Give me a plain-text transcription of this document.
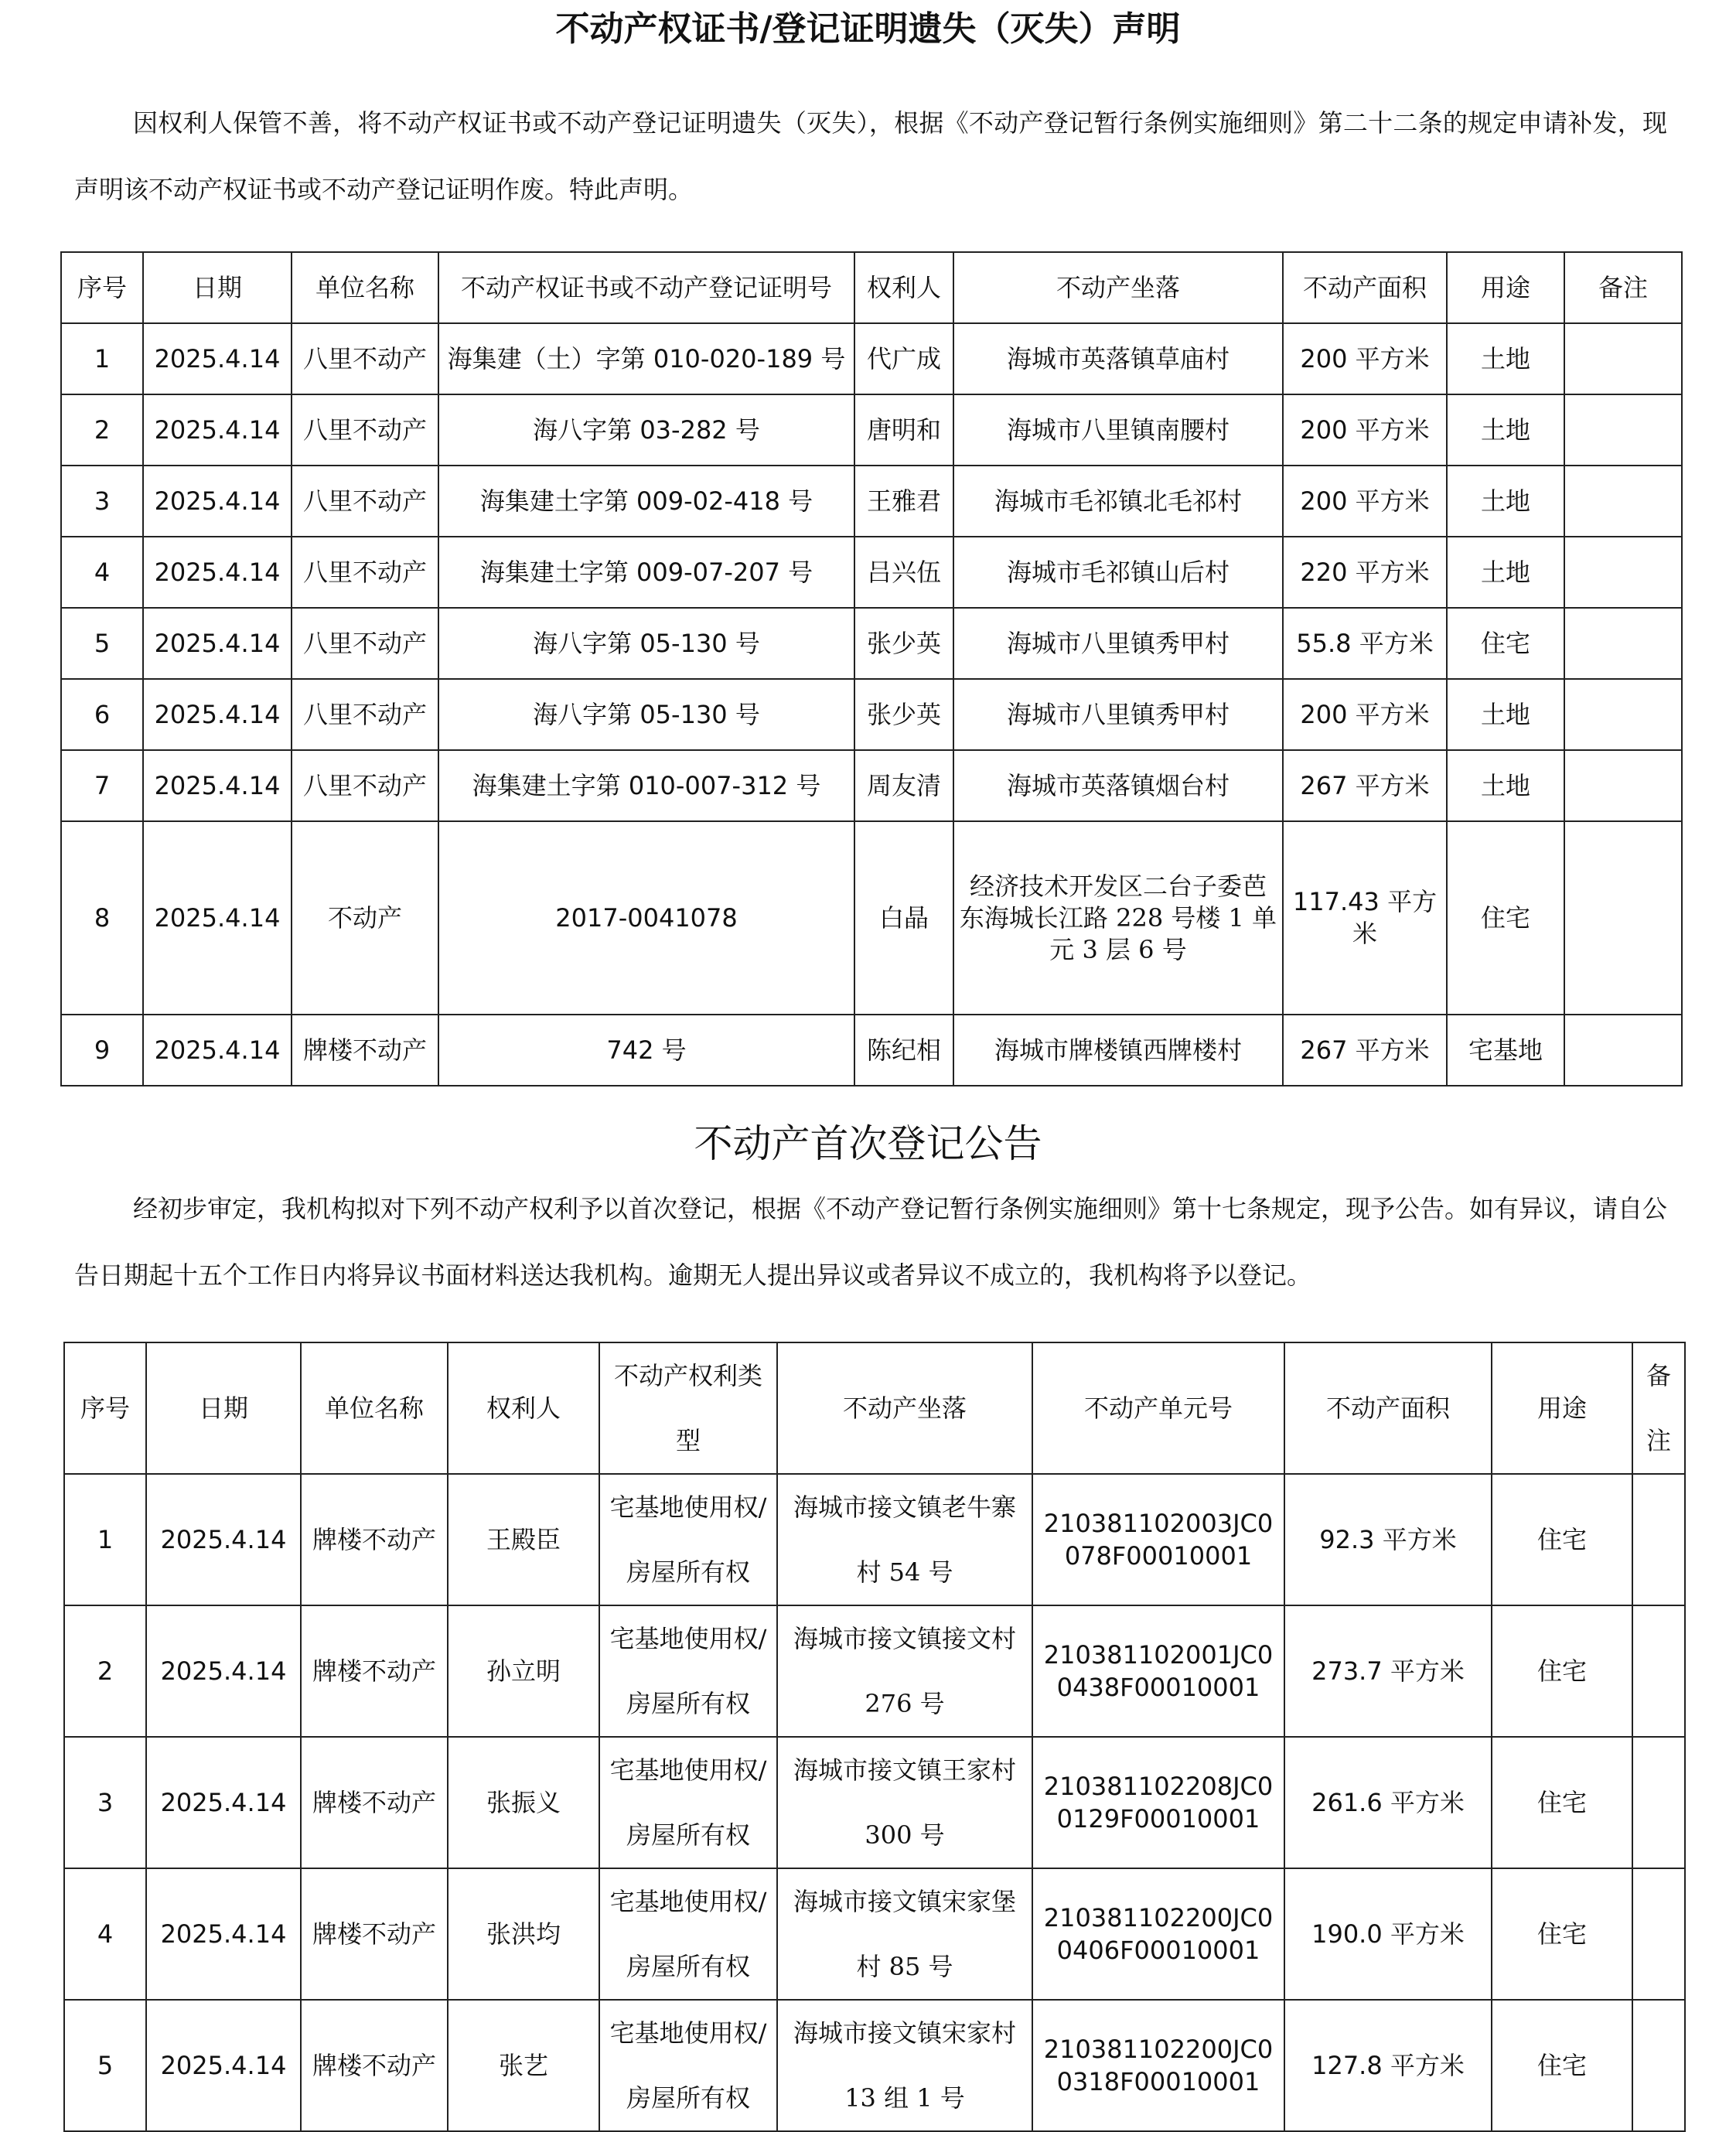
不动产权证书/登记证明遗失（灭失）声明
因权利人保管不善，将不动产权证书或不动产登记证明遗失（灭失），根据《不动产登记暂行条例实施细则》第二十二条的规定申请补发，现声明该不动产权证书或不动产登记证明作废。特此声明。
序号	日期	单位名称	不动产权证书或不动产登记证明号	权利人	不动产坐落	不动产面积	用途	备注
1	2025.4.14	八里不动产	海集建（土）字第 010-020-189 号	代广成	海城市英落镇草庙村	200 平方米	土地	
2	2025.4.14	八里不动产	海八字第 03-282 号	唐明和	海城市八里镇南腰村	200 平方米	土地	
3	2025.4.14	八里不动产	海集建土字第 009-02-418 号	王雅君	海城市毛祁镇北毛祁村	200 平方米	土地	
4	2025.4.14	八里不动产	海集建土字第 009-07-207 号	吕兴伍	海城市毛祁镇山后村	220 平方米	土地	
5	2025.4.14	八里不动产	海八字第 05-130 号	张少英	海城市八里镇秀甲村	55.8 平方米	住宅	
6	2025.4.14	八里不动产	海八字第 05-130 号	张少英	海城市八里镇秀甲村	200 平方米	土地	
7	2025.4.14	八里不动产	海集建土字第 010-007-312 号	周友清	海城市英落镇烟台村	267 平方米	土地	
8	2025.4.14	不动产	2017-0041078	白晶	经济技术开发区二台子委芭东海城长江路 228 号楼 1 单元 3 层 6 号	117.43 平方米	住宅	
9	2025.4.14	牌楼不动产	742 号	陈纪相	海城市牌楼镇西牌楼村	267 平方米	宅基地	
不动产首次登记公告
经初步审定，我机构拟对下列不动产权利予以首次登记，根据《不动产登记暂行条例实施细则》第十七条规定，现予公告。如有异议，请自公告日期起十五个工作日内将异议书面材料送达我机构。逾期无人提出异议或者异议不成立的，我机构将予以登记。
序号	日期	单位名称	权利人	不动产权利类型	不动产坐落	不动产单元号	不动产面积	用途	备注
1	2025.4.14	牌楼不动产	王殿臣	宅基地使用权/房屋所有权	海城市接文镇老牛寨村 54 号	210381102003JC0078F00010001	92.3 平方米	住宅	
2	2025.4.14	牌楼不动产	孙立明	宅基地使用权/房屋所有权	海城市接文镇接文村 276 号	210381102001JC00438F00010001	273.7 平方米	住宅	
3	2025.4.14	牌楼不动产	张振义	宅基地使用权/房屋所有权	海城市接文镇王家村 300 号	210381102208JC00129F00010001	261.6 平方米	住宅	
4	2025.4.14	牌楼不动产	张洪均	宅基地使用权/房屋所有权	海城市接文镇宋家堡村 85 号	210381102200JC00406F00010001	190.0 平方米	住宅	
5	2025.4.14	牌楼不动产	张艺	宅基地使用权/房屋所有权	海城市接文镇宋家村 13 组 1 号	210381102200JC00318F00010001	127.8 平方米	住宅	
